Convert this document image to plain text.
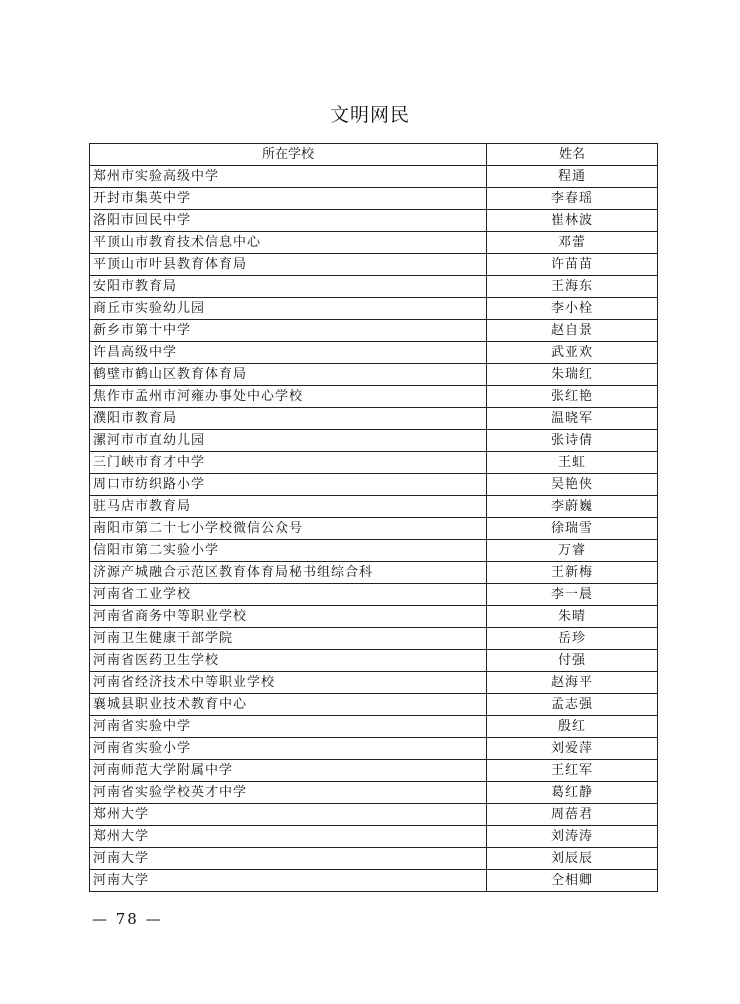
文明网民
所在学校	姓名
郑州市实验高级中学	程通
开封市集英中学	李春瑶
洛阳市回民中学	崔林波
平顶山市教育技术信息中心	邓蕾
平顶山市叶县教育体育局	许苗苗
安阳市教育局	王海东
商丘市实验幼儿园	李小栓
新乡市第十中学	赵自景
许昌高级中学	武亚欢
鹤壁市鹤山区教育体育局	朱瑞红
焦作市孟州市河雍办事处中心学校	张红艳
濮阳市教育局	温晓军
漯河市市直幼儿园	张诗倩
三门峡市育才中学	王虹
周口市纺织路小学	吴艳侠
驻马店市教育局	李蔚巍
南阳市第二十七小学校微信公众号	徐瑞雪
信阳市第二实验小学	万睿
济源产城融合示范区教育体育局秘书组综合科	王新梅
河南省工业学校	李一晨
河南省商务中等职业学校	朱晴
河南卫生健康干部学院	岳珍
河南省医药卫生学校	付强
河南省经济技术中等职业学校	赵海平
襄城县职业技术教育中心	孟志强
河南省实验中学	殷红
河南省实验小学	刘爱萍
河南师范大学附属中学	王红军
河南省实验学校英才中学	葛红静
郑州大学	周蓓君
郑州大学	刘涛涛
河南大学	刘辰辰
河南大学	仝相卿
— 78 —
